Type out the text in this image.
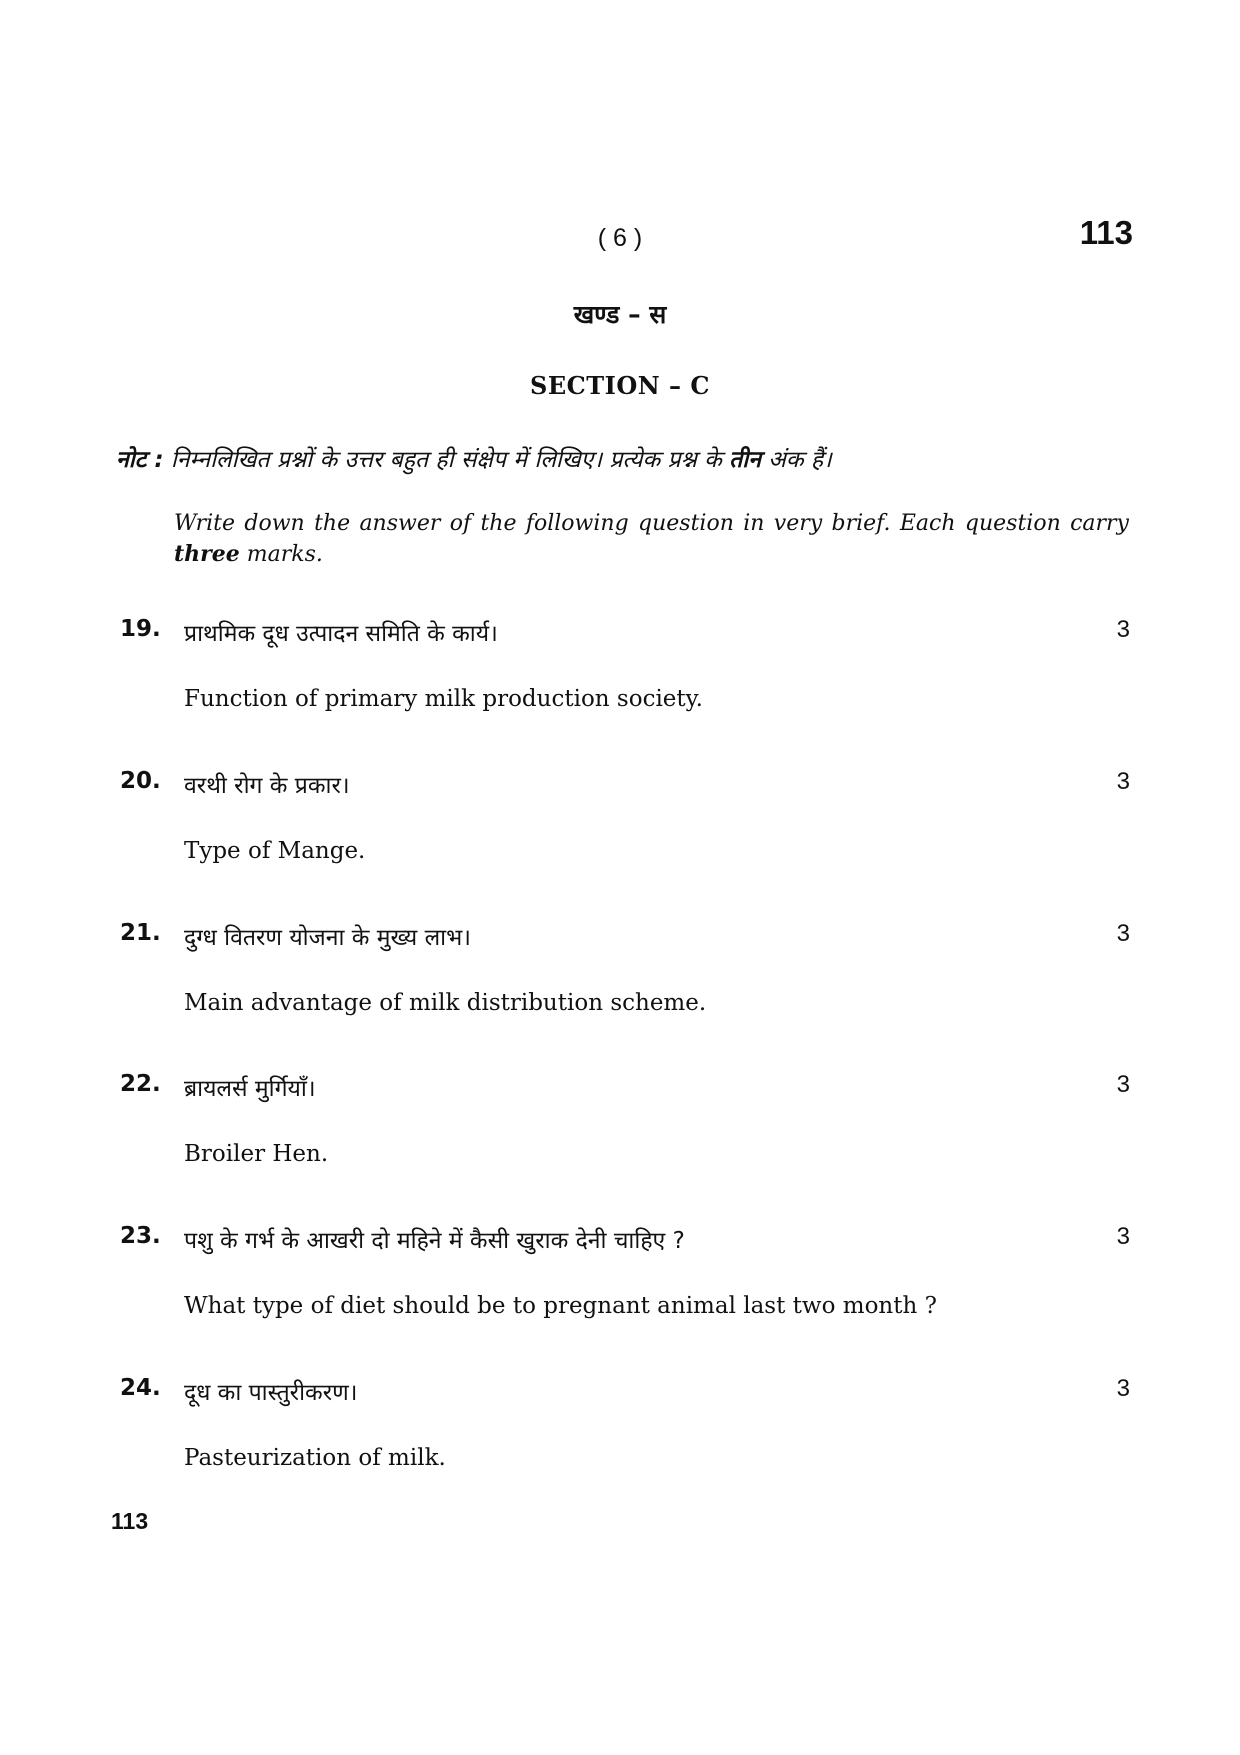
( 6 )	113
खण्ड – स
SECTION – C
नोट : निम्नलिखित प्रश्नों के उत्तर बहुत ही संक्षेप में लिखिए। प्रत्येक प्रश्न के तीन अंक हैं।
Write down the answer of the following question in very brief. Each question carry three marks.
19. प्राथमिक दूध उत्पादन समिति के कार्य।	3
Function of primary milk production society.
20. वरथी रोग के प्रकार।	3
Type of Mange.
21. दुग्ध वितरण योजना के मुख्य लाभ।	3
Main advantage of milk distribution scheme.
22. ब्रायलर्स मुर्गियाँ।	3
Broiler Hen.
23. पशु के गर्भ के आखरी दो महिने में कैसी खुराक देनी चाहिए ?	3
What type of diet should be to pregnant animal last two month ?
24. दूध का पास्तुरीकरण।	3
Pasteurization of milk.
113
